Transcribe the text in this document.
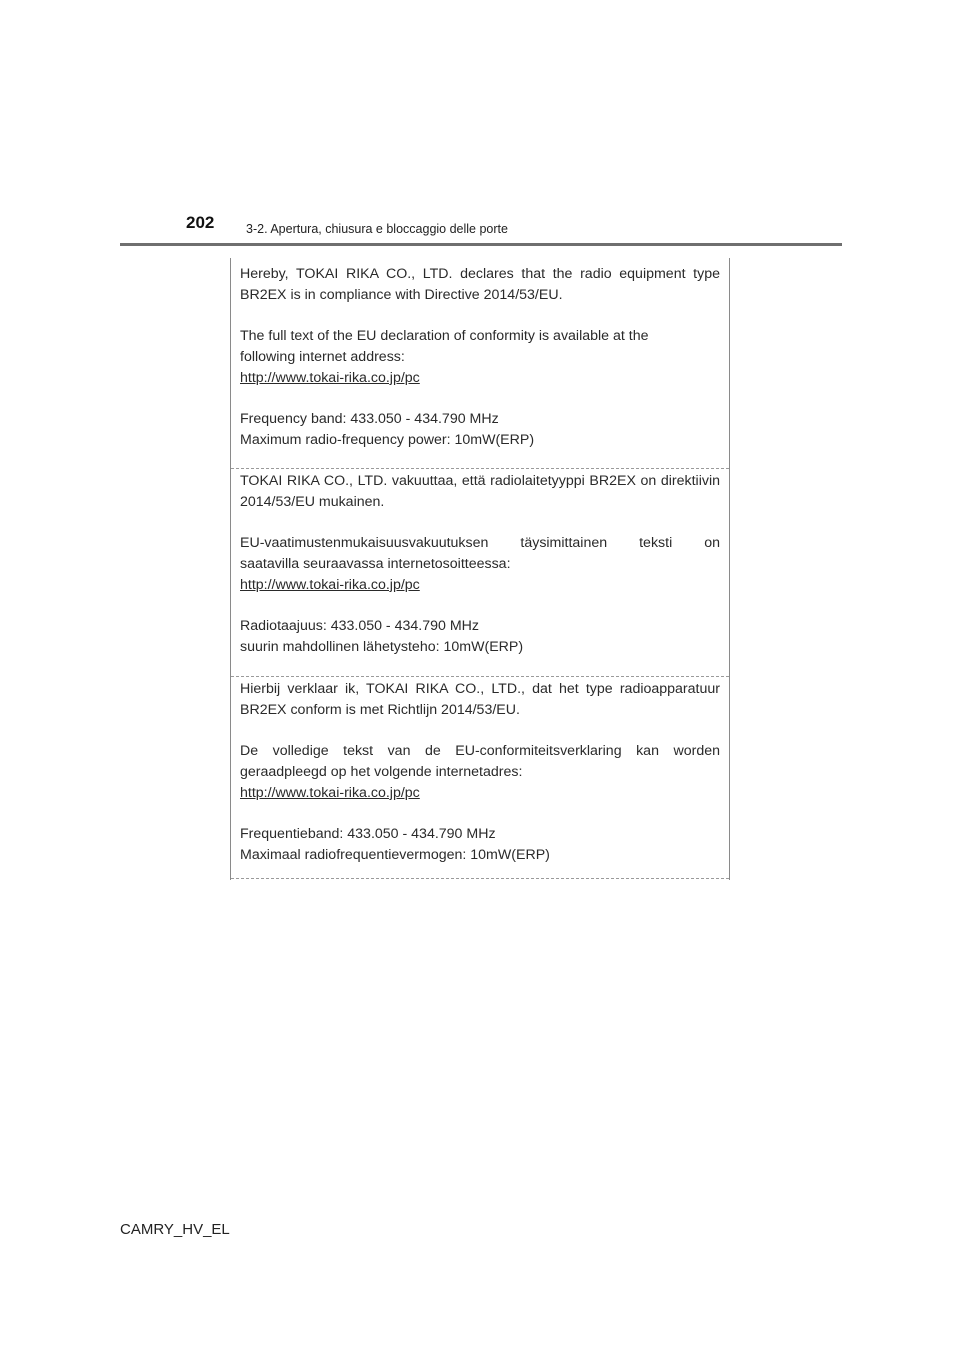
202	3-2. Apertura, chiusura e bloccaggio delle porte

Hereby, TOKAI RIKA CO., LTD. declares that the radio equipment type BR2EX is in compliance with Directive 2014/53/EU.

The full text of the EU declaration of conformity is available at the
following internet address:
http://www.tokai-rika.co.jp/pc

Frequency band: 433.050 - 434.790 MHz
Maximum radio-frequency power: 10mW(ERP)

TOKAI RIKA CO., LTD. vakuuttaa, että radiolaitetyyppi BR2EX on direktiivin 2014/53/EU mukainen.

EU-vaatimustenmukaisuusvakuutuksen täysimittainen teksti on
saatavilla seuraavassa internetosoitteessa:
http://www.tokai-rika.co.jp/pc

Radiotaajuus: 433.050 - 434.790 MHz
suurin mahdollinen lähetysteho: 10mW(ERP)

Hierbij verklaar ik, TOKAI RIKA CO., LTD., dat het type radioapparatuur BR2EX conform is met Richtlijn 2014/53/EU.

De volledige tekst van de EU-conformiteitsverklaring kan worden
geraadpleegd op het volgende internetadres:
http://www.tokai-rika.co.jp/pc

Frequentieband: 433.050 - 434.790 MHz
Maximaal radiofrequentievermogen: 10mW(ERP)

CAMRY_HV_EL
